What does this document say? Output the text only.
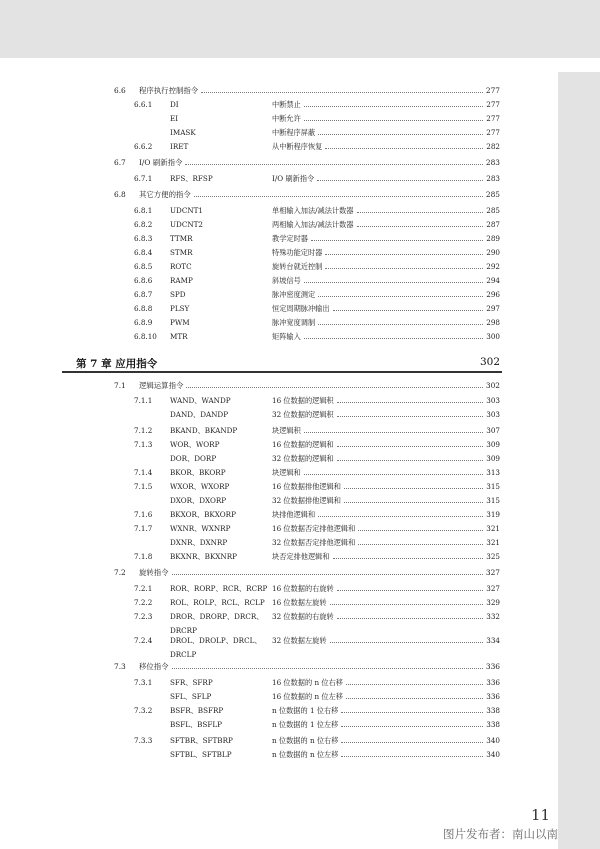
6.6 程序执行控制指令	277
6.6.1 DI	中断禁止	277
EI	中断允许	277
IMASK	中断程序屏蔽	277
6.6.2 IRET	从中断程序恢复	282
6.7 I/O 刷新指令	283
6.7.1 RFS、RFSP	I/O 刷新指令	283
6.8 其它方便的指令	285
6.8.1 UDCNT1	单相输入加法/减法计数器	285
6.8.2 UDCNT2	两相输入加法/减法计数器	287
6.8.3 TTMR	教学定时器	289
6.8.4 STMR	特殊功能定时器	290
6.8.5 ROTC	旋转台就近控制	292
6.8.6 RAMP	斜坡信号	294
6.8.7 SPD	脉冲密度测定	296
6.8.8 PLSY	恒定周期脉冲输出	297
6.8.9 PWM	脉冲宽度调制	298
6.8.10 MTR	矩阵输入	300
7.1 逻辑运算指令	302
7.1.1 WAND、WANDP	16 位数据的逻辑积	303
DAND、DANDP	32 位数据的逻辑积	303
7.1.2 BKAND、BKANDP	块逻辑积	307
7.1.3 WOR、WORP	16 位数据的逻辑和	309
DOR、DORP	32 位数据的逻辑和	309
7.1.4 BKOR、BKORP	块逻辑和	313
7.1.5 WXOR、WXORP	16 位数据排他逻辑和	315
DXOR、DXORP	32 位数据排他逻辑和	315
7.1.6 BKXOR、BKXORP	块排他逻辑和	319
7.1.7 WXNR、WXNRP	16 位数据否定排他逻辑和	321
DXNR、DXNRP	32 位数据否定排他逻辑和	321
7.1.8 BKXNR、BKXNRP	块否定排他逻辑和	325
7.2 旋转指令	327
7.2.1 ROR、RORP、RCR、RCRP 16 位数据的右旋转	327
7.2.2 ROL、ROLP、RCL、RCLP 16 位数据左旋转	329
7.2.3 DROR、DRORP、DRCR、 32 位数据的右旋转	332
DRCRP
7.2.4 DROL、DROLP、DRCL、 32 位数据左旋转	334
DRCLP
7.3 移位指令	336
7.3.1 SFR、SFRP	16 位数据的 n 位右移	336
SFL、SFLP	16 位数据的 n 位左移	336
7.3.2 BSFR、BSFRP	n 位数据的 1 位右移	338
BSFL、BSFLP	n 位数据的 1 位左移	338
7.3.3 SFTBR、SFTBRP	n 位数据的 n 位右移	340
SFTBL、SFTBLP	n 位数据的 n 位左移	340
第 7 章 应用指令	302
11
图片发布者：南山以南
